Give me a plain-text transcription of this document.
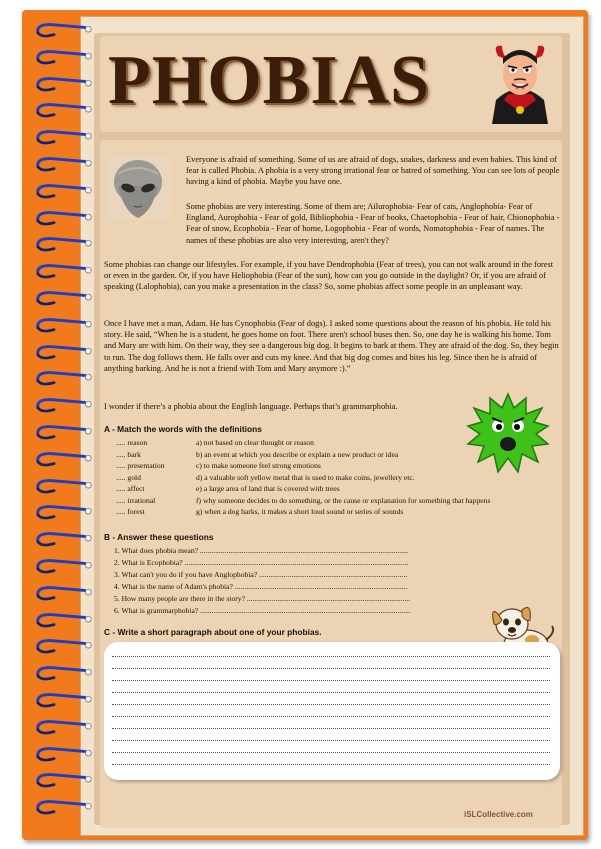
PHOBIAS
Everyone is afraid of something. Some of us are afraid of dogs, snakes, darkness and even babies. This kind of fear is called Phobia. A phobia is a very strong irrational fear or hatred of something. You can see lots of people having a kind of phobia. Maybe you have one.
Some phobias are very interesting. Some of them are; Ailurophobia- Fear of cats, Anglophobia- Fear of England, Aurophobia - Fear of gold, Bibliophobia - Fear of books, Chaetophobia - Fear of hair, Chionophobia - Fear of snow, Ecophobia - Fear of home, Logophobia - Fear of words, Nomatophobia - Fear of names. The names of these phobias are also very interesting, aren't they?
Some phobias can change our lifestyles. For example, if you have Dendrophobia (Fear of trees), you can not walk around in the forest or even in the garden. Or, if you have Heliophobia (Fear of the sun), how can you go outside in the daylight? Or, if you are afraid of speaking (Lalophobia), can you make a presentation in the class? So, some phobias affect some people in an unpleasant way.
Once I have met a man, Adam. He has Cynophobia (Fear of dogs). I asked some questions about the reason of his phobia. He told his story. He said, “When he is a student, he goes home on foot. There aren't school buses then. So, one day he is walking his home. Tom and Mary are with him. On their way, they see a dangerous big dog. It begins to bark at them. They are afraid of the dog. So, they begin to run. The dog follows them. He falls over and cuts my knee. And that big dog comes and bites his leg. Since then he is afraid of anything barking. And he is not a friend with Tom and Mary anymore :).”
I wonder if there’s a phobia about the English language. Perhaps that’s grammarphobia.
A - Match the words with the definitions
..... reason	a) not based on clear thought or reason
..... bark	b) an event at which you describe or explain a new product or idea
..... presentation	c) to make someone feel strong emotions
..... gold	d) a valuable soft yellow metal that is used to make coins, jewellery etc.
..... affect	e) a large area of land that is covered with trees
..... irrational	f) why someone decides to do something, or the cause or explanation for something that happens
..... forest	g) when a dog barks, it makes a short loud sound or series of sounds
B - Answer these questions
1. What does phobia mean? ..............................................................................................................
2. What is Ecophobia? ......................................................................................................................
3. What can't you do if you have Anglophobia? ..............................................................................
4. What is the name of Adam's phobia? ...........................................................................................
5. How many people are there in the story? ......................................................................................
6. What is grammarphobia? ...............................................................................................................
C - Write a short paragraph about one of your phobias.
iSLCollective.com
